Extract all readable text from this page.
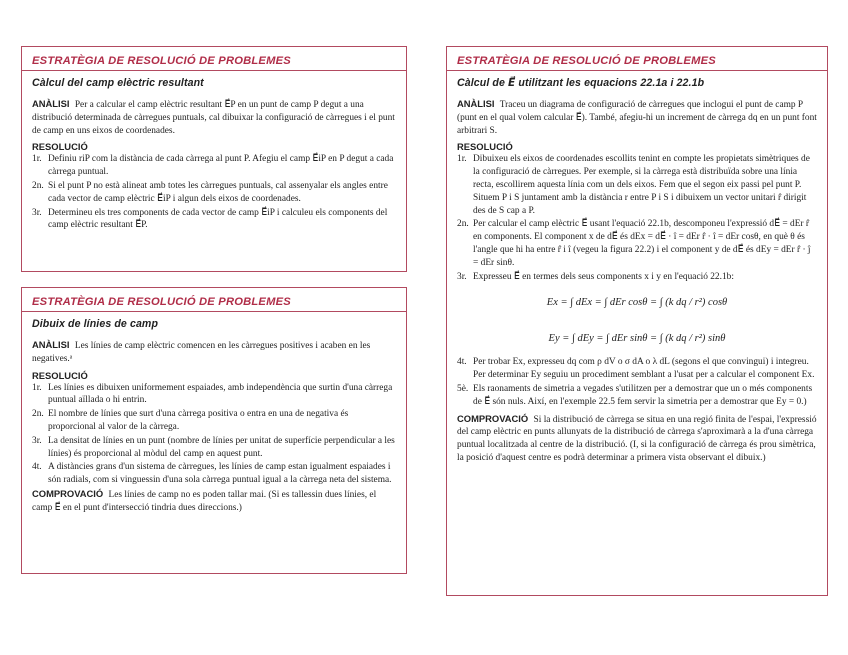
ESTRATÈGIA DE RESOLUCIÓ DE PROBLEMES
Càlcul del camp elèctric resultant

ANÀLISI Per a calcular el camp elèctric resultant E⃗P en un punt de camp P degut a una distribució determinada de càrregues puntuals, cal dibuixar la configuració de càrregues i el punt de camp en uns eixos de coordenades.

RESOLUCIÓ
1r. Definiu riP com la distància de cada càrrega al punt P. Afegiu el camp E⃗iP en P degut a cada càrrega puntual.
2n. Si el punt P no està alineat amb totes les càrregues puntuals, cal assenyalar els angles entre cada vector de camp elèctric E⃗iP i algun dels eixos de coordenades.
3r. Determineu els tres components de cada vector de camp E⃗iP i calculeu els components del camp elèctric resultant E⃗P.
ESTRATÈGIA DE RESOLUCIÓ DE PROBLEMES
Dibuix de línies de camp

ANÀLISI Les línies de camp elèctric comencen en les càrregues positives i acaben en les negatives.ᵃ

RESOLUCIÓ
1r. Les línies es dibuixen uniformement espaiades, amb independència que surtin d'una càrrega puntual aïllada o hi entrin.
2n. El nombre de línies que surt d'una càrrega positiva o entra en una de negativa és proporcional al valor de la càrrega.
3r. La densitat de línies en un punt (nombre de línies per unitat de superfície perpendicular a les línies) és proporcional al mòdul del camp en aquest punt.
4t. A distàncies grans d'un sistema de càrregues, les línies de camp estan igualment espaiades i són radials, com si vinguessin d'una sola càrrega puntual igual a la càrrega neta del sistema.

COMPROVACIÓ Les línies de camp no es poden tallar mai. (Si es tallessin dues línies, el camp E⃗ en el punt d'intersecció tindria dues direccions.)

ESTRATÈGIA DE RESOLUCIÓ DE PROBLEMES
Càlcul de E⃗ utilitzant les equacions 22.1a i 22.1b

ANÀLISI Traceu un diagrama de configuració de càrregues que inclogui el punt de camp P (punt en el qual volem calcular E⃗). També, afegiu-hi un increment de càrrega dq en un punt font arbitrari S.

RESOLUCIÓ
1r. Dibuixeu els eixos de coordenades escollits tenint en compte les propietats simètriques de la configuració de càrregues. Per exemple, si la càrrega està distribuïda sobre una línia recta, escollirem aquesta línia com un dels eixos. Fem que el segon eix passi pel punt P. Situem P i S juntament amb la distància r entre P i S i dibuixem un vector unitari r̂ dirigit des de S cap a P.
2n. Per calcular el camp elèctric E⃗ usant l'equació 22.1b, descomponeu l'expressió dE⃗ = dEr r̂ en components. El component x de dE⃗ és dEx = dE⃗ · î = dEr r̂ · î = dEr cosθ, en què θ és l'angle que hi ha entre r̂ i î (vegeu la figura 22.2) i el component y de dE⃗ és dEy = dEr r̂ · ĵ = dEr sinθ.
3r. Expresseu E⃗ en termes dels seus components x i y en l'equació 22.1b:
Ex = ∫ dEx = ∫ dEr cosθ = ∫ (k dq / r²) cosθ
Ey = ∫ dEy = ∫ dEr sinθ = ∫ (k dq / r²) sinθ
4t. Per trobar Ex, expresseu dq com ρ dV o σ dA o λ dL (segons el que convingui) i integreu. Per determinar Ey seguiu un procediment semblant a l'usat per a calcular el component Ex.
5è. Els raonaments de simetria a vegades s'utilitzen per a demostrar que un o més components de E⃗ són nuls. Així, en l'exemple 22.5 fem servir la simetria per a demostrar que Ey = 0.)

COMPROVACIÓ Si la distribució de càrrega se situa en una regió finita de l'espai, l'expressió del camp elèctric en punts allunyats de la distribució de càrrega s'aproximarà a la d'una càrrega puntual localitzada al centre de la distribució. (I, si la configuració de càrrega és prou simètrica, la posició d'aquest centre es podrà determinar a primera vista observant el dibuix.)
